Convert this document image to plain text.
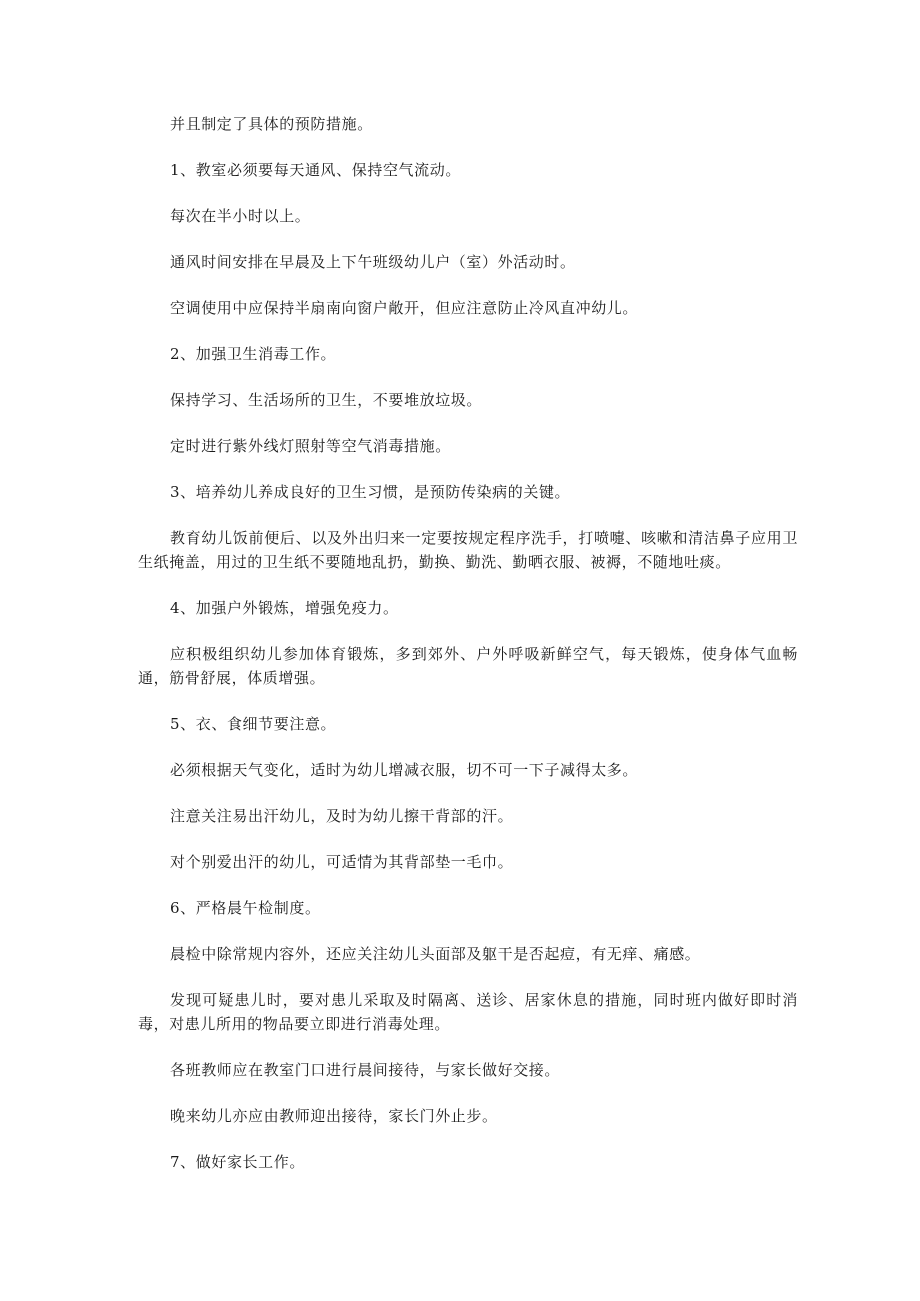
并且制定了具体的预防措施。

1、教室必须要每天通风、保持空气流动。

每次在半小时以上。

通风时间安排在早晨及上下午班级幼儿户（室）外活动时。

空调使用中应保持半扇南向窗户敞开，但应注意防止冷风直冲幼儿。

2、加强卫生消毒工作。

保持学习、生活场所的卫生，不要堆放垃圾。

定时进行紫外线灯照射等空气消毒措施。

3、培养幼儿养成良好的卫生习惯，是预防传染病的关键。

教育幼儿饭前便后、以及外出归来一定要按规定程序洗手，打喷嚏、咳嗽和清洁鼻子应用卫生纸掩盖，用过的卫生纸不要随地乱扔，勤换、勤洗、勤晒衣服、被褥，不随地吐痰。

4、加强户外锻炼，增强免疫力。

应积极组织幼儿参加体育锻炼，多到郊外、户外呼吸新鲜空气，每天锻炼，使身体气血畅通，筋骨舒展，体质增强。

5、衣、食细节要注意。

必须根据天气变化，适时为幼儿增减衣服，切不可一下子减得太多。

注意关注易出汗幼儿，及时为幼儿擦干背部的汗。

对个别爱出汗的幼儿，可适情为其背部垫一毛巾。

6、严格晨午检制度。

晨检中除常规内容外，还应关注幼儿头面部及躯干是否起痘，有无痒、痛感。

发现可疑患儿时，要对患儿采取及时隔离、送诊、居家休息的措施，同时班内做好即时消毒，对患儿所用的物品要立即进行消毒处理。

各班教师应在教室门口进行晨间接待，与家长做好交接。

晚来幼儿亦应由教师迎出接待，家长门外止步。

7、做好家长工作。
